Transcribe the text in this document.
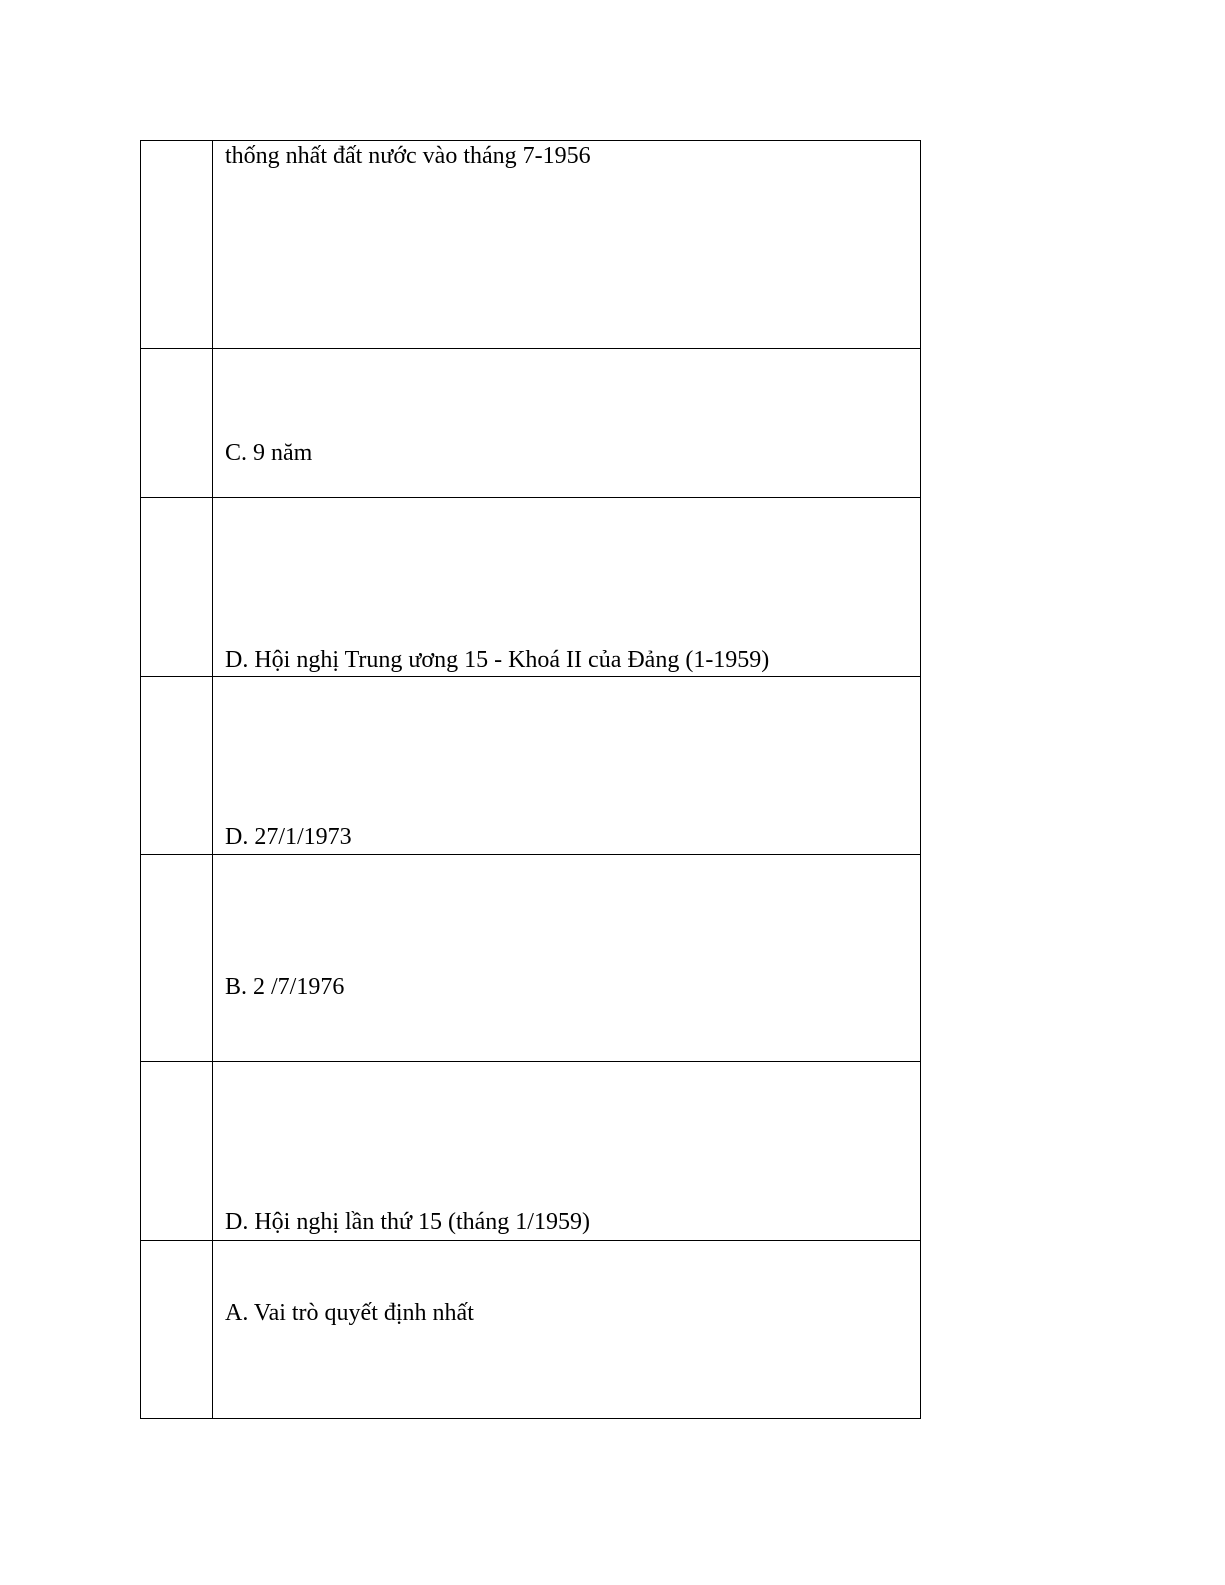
	thống nhất đất nước vào tháng 7-1956

	C. 9 năm

	D. Hội nghị Trung ương 15 - Khoá II của Đảng (1-1959)

	D. 27/1/1973

	B. 2 /7/1976

	D. Hội nghị lần thứ 15 (tháng 1/1959)

	A. Vai trò quyết định nhất
